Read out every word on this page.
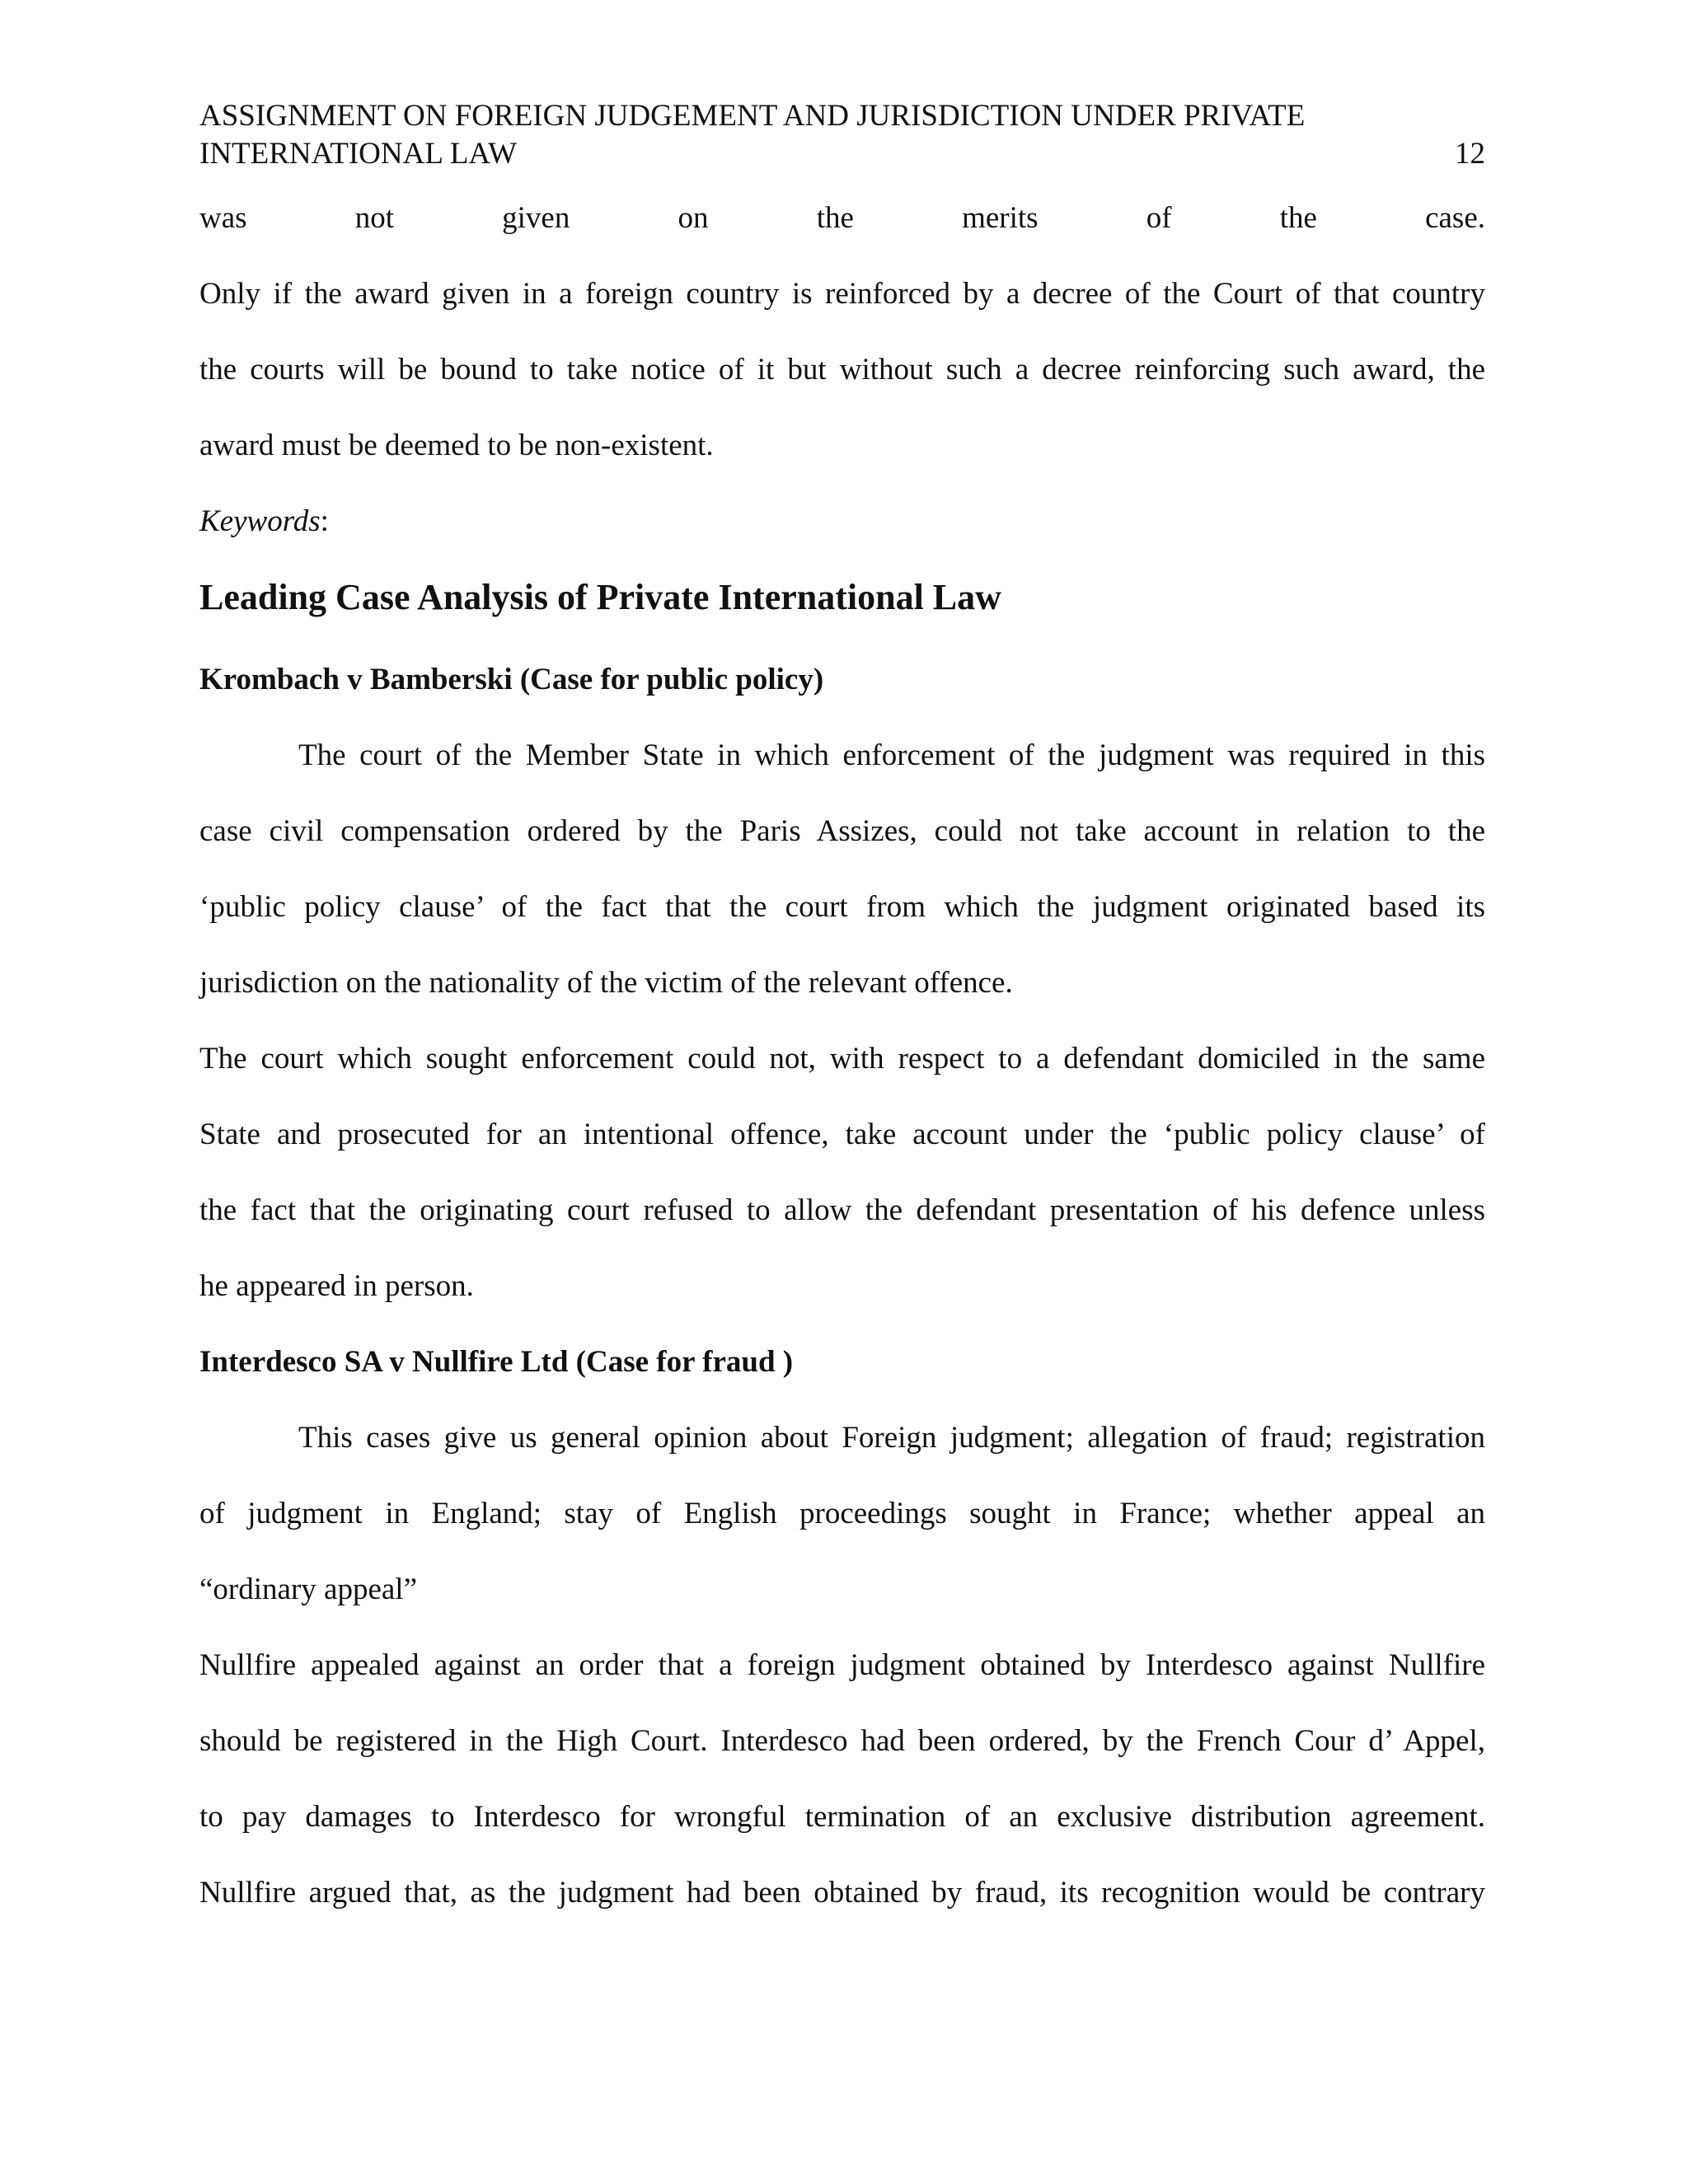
ASSIGNMENT ON FOREIGN JUDGEMENT AND JURISDICTION UNDER PRIVATE
INTERNATIONAL LAW	12
was not given on the merits of the case.
Only if the award given in a foreign country is reinforced by a decree of the Court of that country
the courts will be bound to take notice of it but without such a decree reinforcing such award, the
award must be deemed to be non-existent.
Keywords:
Leading Case Analysis of Private International Law
Krombach v Bamberski (Case for public policy)
The court of the Member State in which enforcement of the judgment was required in this
case civil compensation ordered by the Paris Assizes, could not take account in relation to the
‘public policy clause’ of the fact that the court from which the judgment originated based its
jurisdiction on the nationality of the victim of the relevant offence.
The court which sought enforcement could not, with respect to a defendant domiciled in the same
State and prosecuted for an intentional offence, take account under the ‘public policy clause’ of
the fact that the originating court refused to allow the defendant presentation of his defence unless
he appeared in person.
Interdesco SA v Nullfire Ltd (Case for fraud )
This cases give us general opinion about Foreign judgment; allegation of fraud; registration
of judgment in England; stay of English proceedings sought in France; whether appeal an
“ordinary appeal”
Nullfire appealed against an order that a foreign judgment obtained by Interdesco against Nullfire
should be registered in the High Court. Interdesco had been ordered, by the French Cour d’ Appel,
to pay damages to Interdesco for wrongful termination of an exclusive distribution agreement.
Nullfire argued that, as the judgment had been obtained by fraud, its recognition would be contrary
